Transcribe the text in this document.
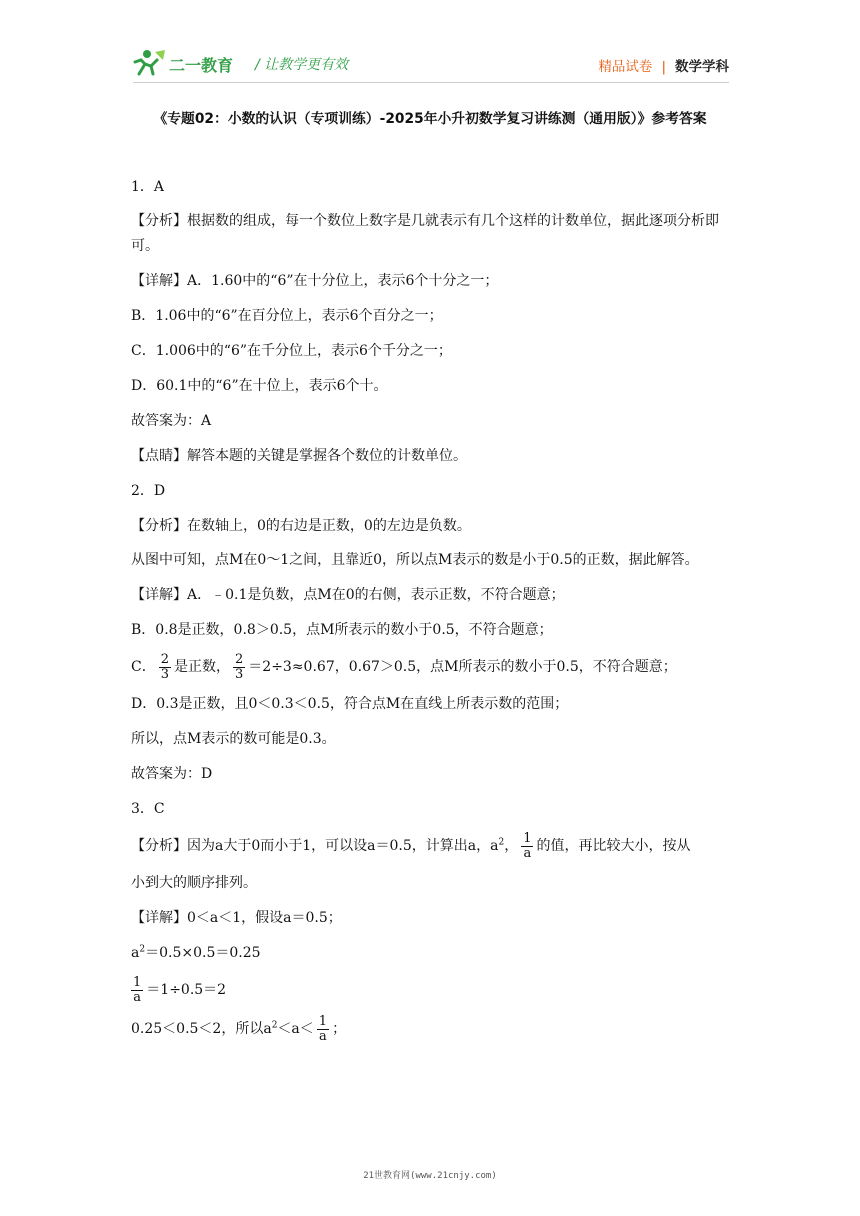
二一教育 / 让教学更有效	精品试卷 | 数学学科
《专题02：小数的认识（专项训练）-2025年小升初数学复习讲练测（通用版）》参考答案
1．A
【分析】根据数的组成，每一个数位上数字是几就表示有几个这样的计数单位，据此逐项分析即可。
【详解】A．1.60中的“6”在十分位上，表示6个十分之一；
B．1.06中的“6”在百分位上，表示6个百分之一；
C．1.006中的“6”在千分位上，表示6个千分之一；
D．60.1中的“6”在十位上，表示6个十。
故答案为：A
【点睛】解答本题的关键是掌握各个数位的计数单位。
2．D
【分析】在数轴上，0的右边是正数，0的左边是负数。
从图中可知，点M在0～1之间，且靠近0，所以点M表示的数是小于0.5的正数，据此解答。
【详解】A．﹣0.1是负数，点M在0的右侧，表示正数，不符合题意；
B．0.8是正数，0.8＞0.5，点M所表示的数小于0.5，不符合题意；
C． $\frac{2}{3}$ 是正数， $\frac{2}{3} =2\div 3\approx 0.67$，0.67＞0.5，点M所表示的数小于0.5，不符合题意；
D．0.3是正数，且0＜0.3＜0.5，符合点M在直线上所表示数的范围；
所以，点M表示的数可能是0.3。
故答案为：D
3．C
【分析】因为a大于0而小于1，可以设a＝0.5，计算出a，$a^2$， $\frac{1}{a}$ 的值，再比较大小，按从
小到大的顺序排列。
【详解】0＜a＜1，假设a＝0.5；
$a^2=0.5\times 0.5=0.25$
$\frac{1}{a} =1\div 0.5=2$
0.25＜0.5＜2，所以$a^2<a< \frac{1}{a}$ ；
21世教育网(www.21cnjy.com)
